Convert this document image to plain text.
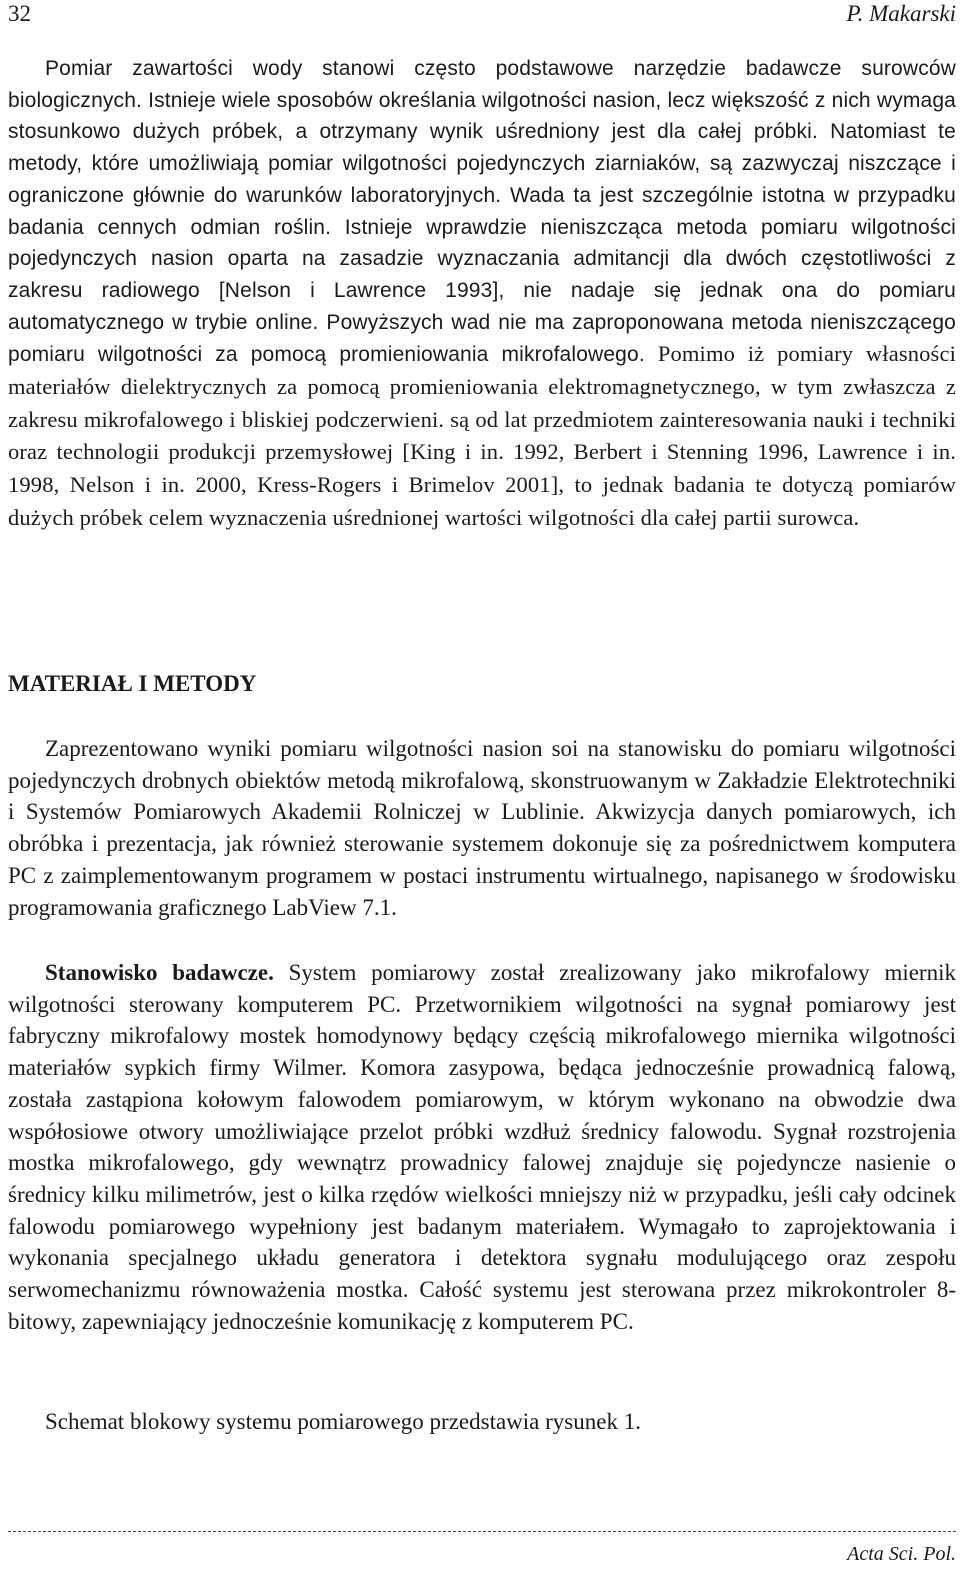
32	P. Makarski

Pomiar zawartości wody stanowi często podstawowe narzędzie badawcze surowców biologicznych. Istnieje wiele sposobów określania wilgotności nasion, lecz większość z nich wymaga stosunkowo dużych próbek, a otrzymany wynik uśredniony jest dla całej próbki. Natomiast te metody, które umożliwiają pomiar wilgotności pojedynczych ziarniaków, są zazwyczaj niszczące i ograniczone głównie do warunków laboratoryjnych. Wada ta jest szczególnie istotna w przypadku badania cennych odmian roślin. Istnieje wprawdzie nieniszcząca metoda pomiaru wilgotności pojedynczych nasion oparta na zasadzie wyznaczania admitancji dla dwóch częstotliwości z zakresu radiowego [Nelson i Lawrence 1993], nie nadaje się jednak ona do pomiaru automatycznego w trybie online. Powyższych wad nie ma zaproponowana metoda nieniszczącego pomiaru wilgotności za pomocą promieniowania mikrofalowego. Pomimo iż pomiary własności materiałów dielektrycznych za pomocą promieniowania elektromagnetycznego, w tym zwłaszcza z zakresu mikrofalowego i bliskiej podczerwieni. są od lat przedmiotem zainteresowania nauki i techniki oraz technologii produkcji przemysłowej [King i in. 1992, Berbert i Stenning 1996, Lawrence i in. 1998, Nelson i in. 2000, Kress-Rogers i Brimelov 2001], to jednak badania te dotyczą pomiarów dużych próbek celem wyznaczenia uśrednionej wartości wilgotności dla całej partii surowca.

MATERIAŁ I METODY

Zaprezentowano wyniki pomiaru wilgotności nasion soi na stanowisku do pomiaru wilgotności pojedynczych drobnych obiektów metodą mikrofalową, skonstruowanym w Zakładzie Elektrotechniki i Systemów Pomiarowych Akademii Rolniczej w Lublinie. Akwizycja danych pomiarowych, ich obróbka i prezentacja, jak również sterowanie systemem dokonuje się za pośrednictwem komputera PC z zaimplementowanym programem w postaci instrumentu wirtualnego, napisanego w środowisku programowania graficznego LabView 7.1.

Stanowisko badawcze. System pomiarowy został zrealizowany jako mikrofalowy miernik wilgotności sterowany komputerem PC. Przetwornikiem wilgotności na sygnał pomiarowy jest fabryczny mikrofalowy mostek homodynowy będący częścią mikrofalowego miernika wilgotności materiałów sypkich firmy Wilmer. Komora zasypowa, będąca jednocześnie prowadnicą falową, została zastąpiona kołowym falowodem pomiarowym, w którym wykonano na obwodzie dwa współosiowe otwory umożliwiające przelot próbki wzdłuż średnicy falowodu. Sygnał rozstrojenia mostka mikrofalowego, gdy wewnątrz prowadnicy falowej znajduje się pojedyncze nasienie o średnicy kilku milimetrów, jest o kilka rzędów wielkości mniejszy niż w przypadku, jeśli cały odcinek falowodu pomiarowego wypełniony jest badanym materiałem. Wymagało to zaprojektowania i wykonania specjalnego układu generatora i detektora sygnału modulującego oraz zespołu serwomechanizmu równoważenia mostka. Całość systemu jest sterowana przez mikrokontroler 8-bitowy, zapewniający jednocześnie komunikację z komputerem PC.

Schemat blokowy systemu pomiarowego przedstawia rysunek 1.

Acta Sci. Pol.
